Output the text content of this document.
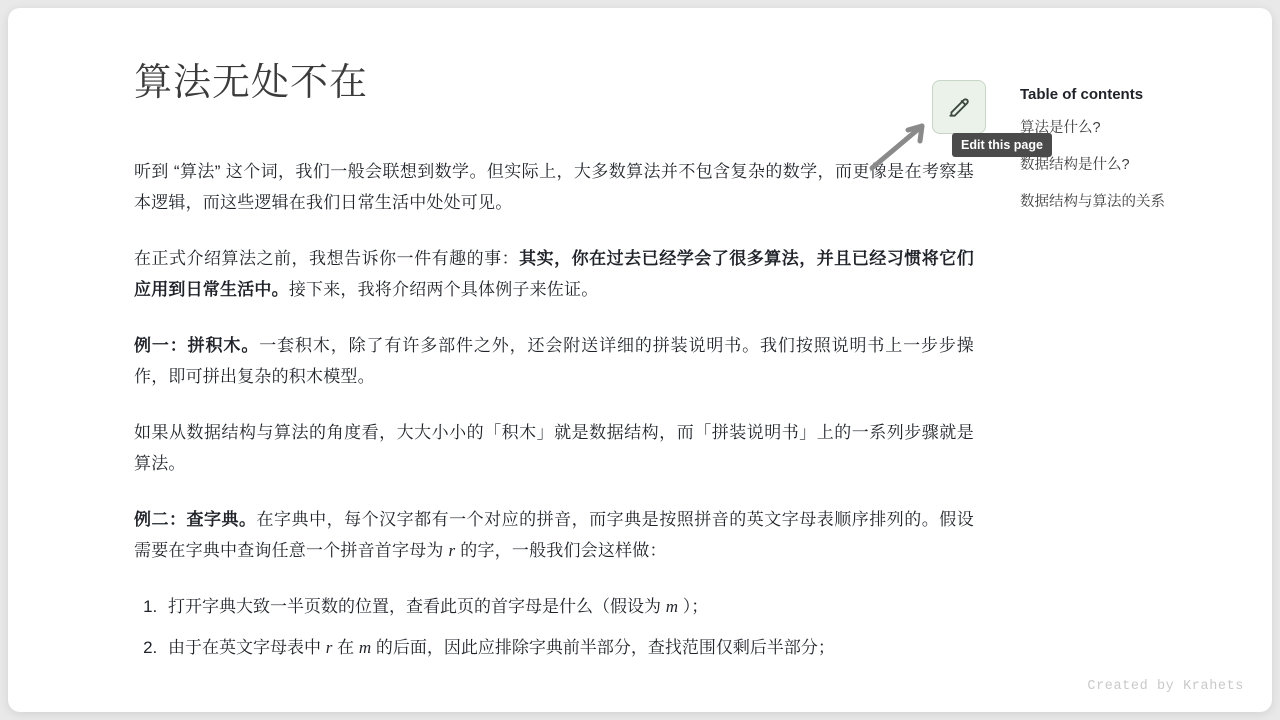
算法无处不在

听到 “算法” 这个词，我们一般会联想到数学。但实际上，大多数算法并不包含复杂的数学，而更像是在考察基本逻辑，而这些逻辑在我们日常生活中处处可见。

在正式介绍算法之前，我想告诉你一件有趣的事：其实，你在过去已经学会了很多算法，并且已经习惯将它们应用到日常生活中。接下来，我将介绍两个具体例子来佐证。

例一：拼积木。一套积木，除了有许多部件之外，还会附送详细的拼装说明书。我们按照说明书上一步步操作，即可拼出复杂的积木模型。

如果从数据结构与算法的角度看，大大小小的「积木」就是数据结构，而「拼装说明书」上的一系列步骤就是算法。

例二：查字典。在字典中，每个汉字都有一个对应的拼音，而字典是按照拼音的英文字母表顺序排列的。假设需要在字典中查询任意一个拼音首字母为 r 的字，一般我们会这样做：

1. 打开字典大致一半页数的位置，查看此页的首字母是什么（假设为 m ）；
2. 由于在英文字母表中 r 在 m 的后面，因此应排除字典前半部分，查找范围仅剩后半部分；
Edit this page
Table of contents
算法是什么?
数据结构是什么?
数据结构与算法的关系
Created by Krahets
